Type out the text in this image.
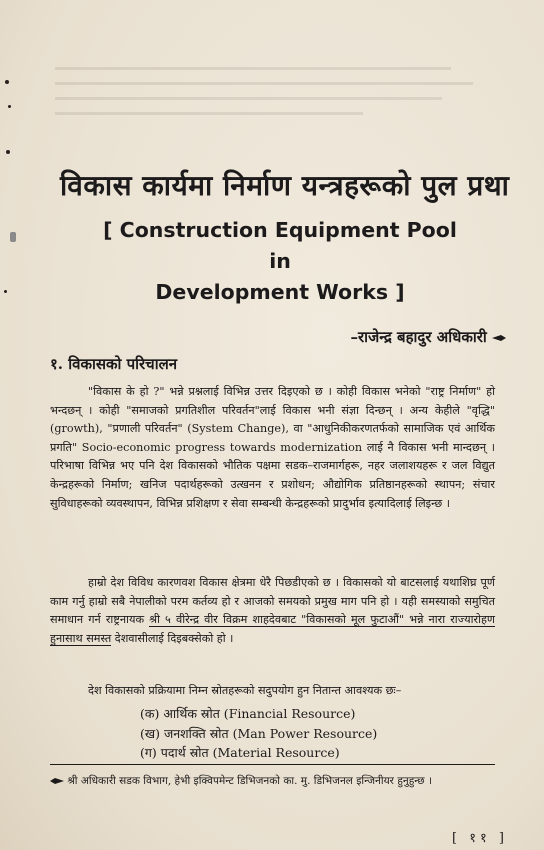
विकास कार्यमा निर्माण यन्त्रहरूको पुल प्रथा
[ Construction Equipment Pool
in
Development Works ]
–राजेन्द्र बहादुर अधिकारी
१. विकासको परिचालन

"विकास के हो ?" भन्ने प्रश्नलाई विभिन्न उत्तर दिइएको छ । कोही विकास भनेको "राष्ट्र निर्माण" हो भन्दछन् । कोही "समाजको प्रगतिशील परिवर्तन"लाई विकास भनी संज्ञा दिन्छन् । अन्य केहीले "वृद्धि" (growth), "प्रणाली परिवर्तन" (System Change), वा "आधुनिकीकरणतर्फको सामाजिक एवं आर्थिक प्रगति" Socio-economic progress towards modernization लाई नै विकास भनी मान्दछन् । परिभाषा विभिन्न भए पनि देश विकासको भौतिक पक्षमा सडक–राजमार्गहरू, नहर जलाशयहरू र जल विद्युत केन्द्रहरूको निर्माण; खनिज पदार्थहरूको उत्खनन र प्रशोधन; औद्योगिक प्रतिष्ठानहरूको स्थापन; संचार सुविधाहरूको व्यवस्थापन, विभिन्न प्रशिक्षण र सेवा सम्बन्धी केन्द्रहरूको प्रादुर्भाव इत्यादिलाई लिइन्छ ।

हाम्रो देश विविध कारणवश विकास क्षेत्रमा धेरै पिछडीएको छ । विकासको यो बाटसलाई यथाशिघ्र पूर्ण काम गर्नु हाम्रो सबै नेपालीको परम कर्तव्य हो र आजको समयको प्रमुख माग पनि हो । यही समस्याको समुचित समाधान गर्न राष्ट्रनायक श्री ५ वीरेन्द्र वीर विक्रम शाहदेवबाट "विकासको मूल फुटाऔं" भन्ने नारा राज्यारोहण हुनासाथ समस्त देशवासीलाई दिइबक्सेको हो ।

देश विकासको प्रक्रियामा निम्न स्रोतहरूको सदुपयोग हुन नितान्त आवश्यक छः–

(क) आर्थिक स्रोत (Financial Resource)
(ख) जनशक्ति स्रोत (Man Power Resource)
(ग) पदार्थ स्रोत (Material Resource)
श्री अधिकारी सडक विभाग, हेभी इक्विपमेन्ट डिभिजनको का. मु. डिभिजनल इन्जिनीयर हुनुहुन्छ ।
[ ११ ]
